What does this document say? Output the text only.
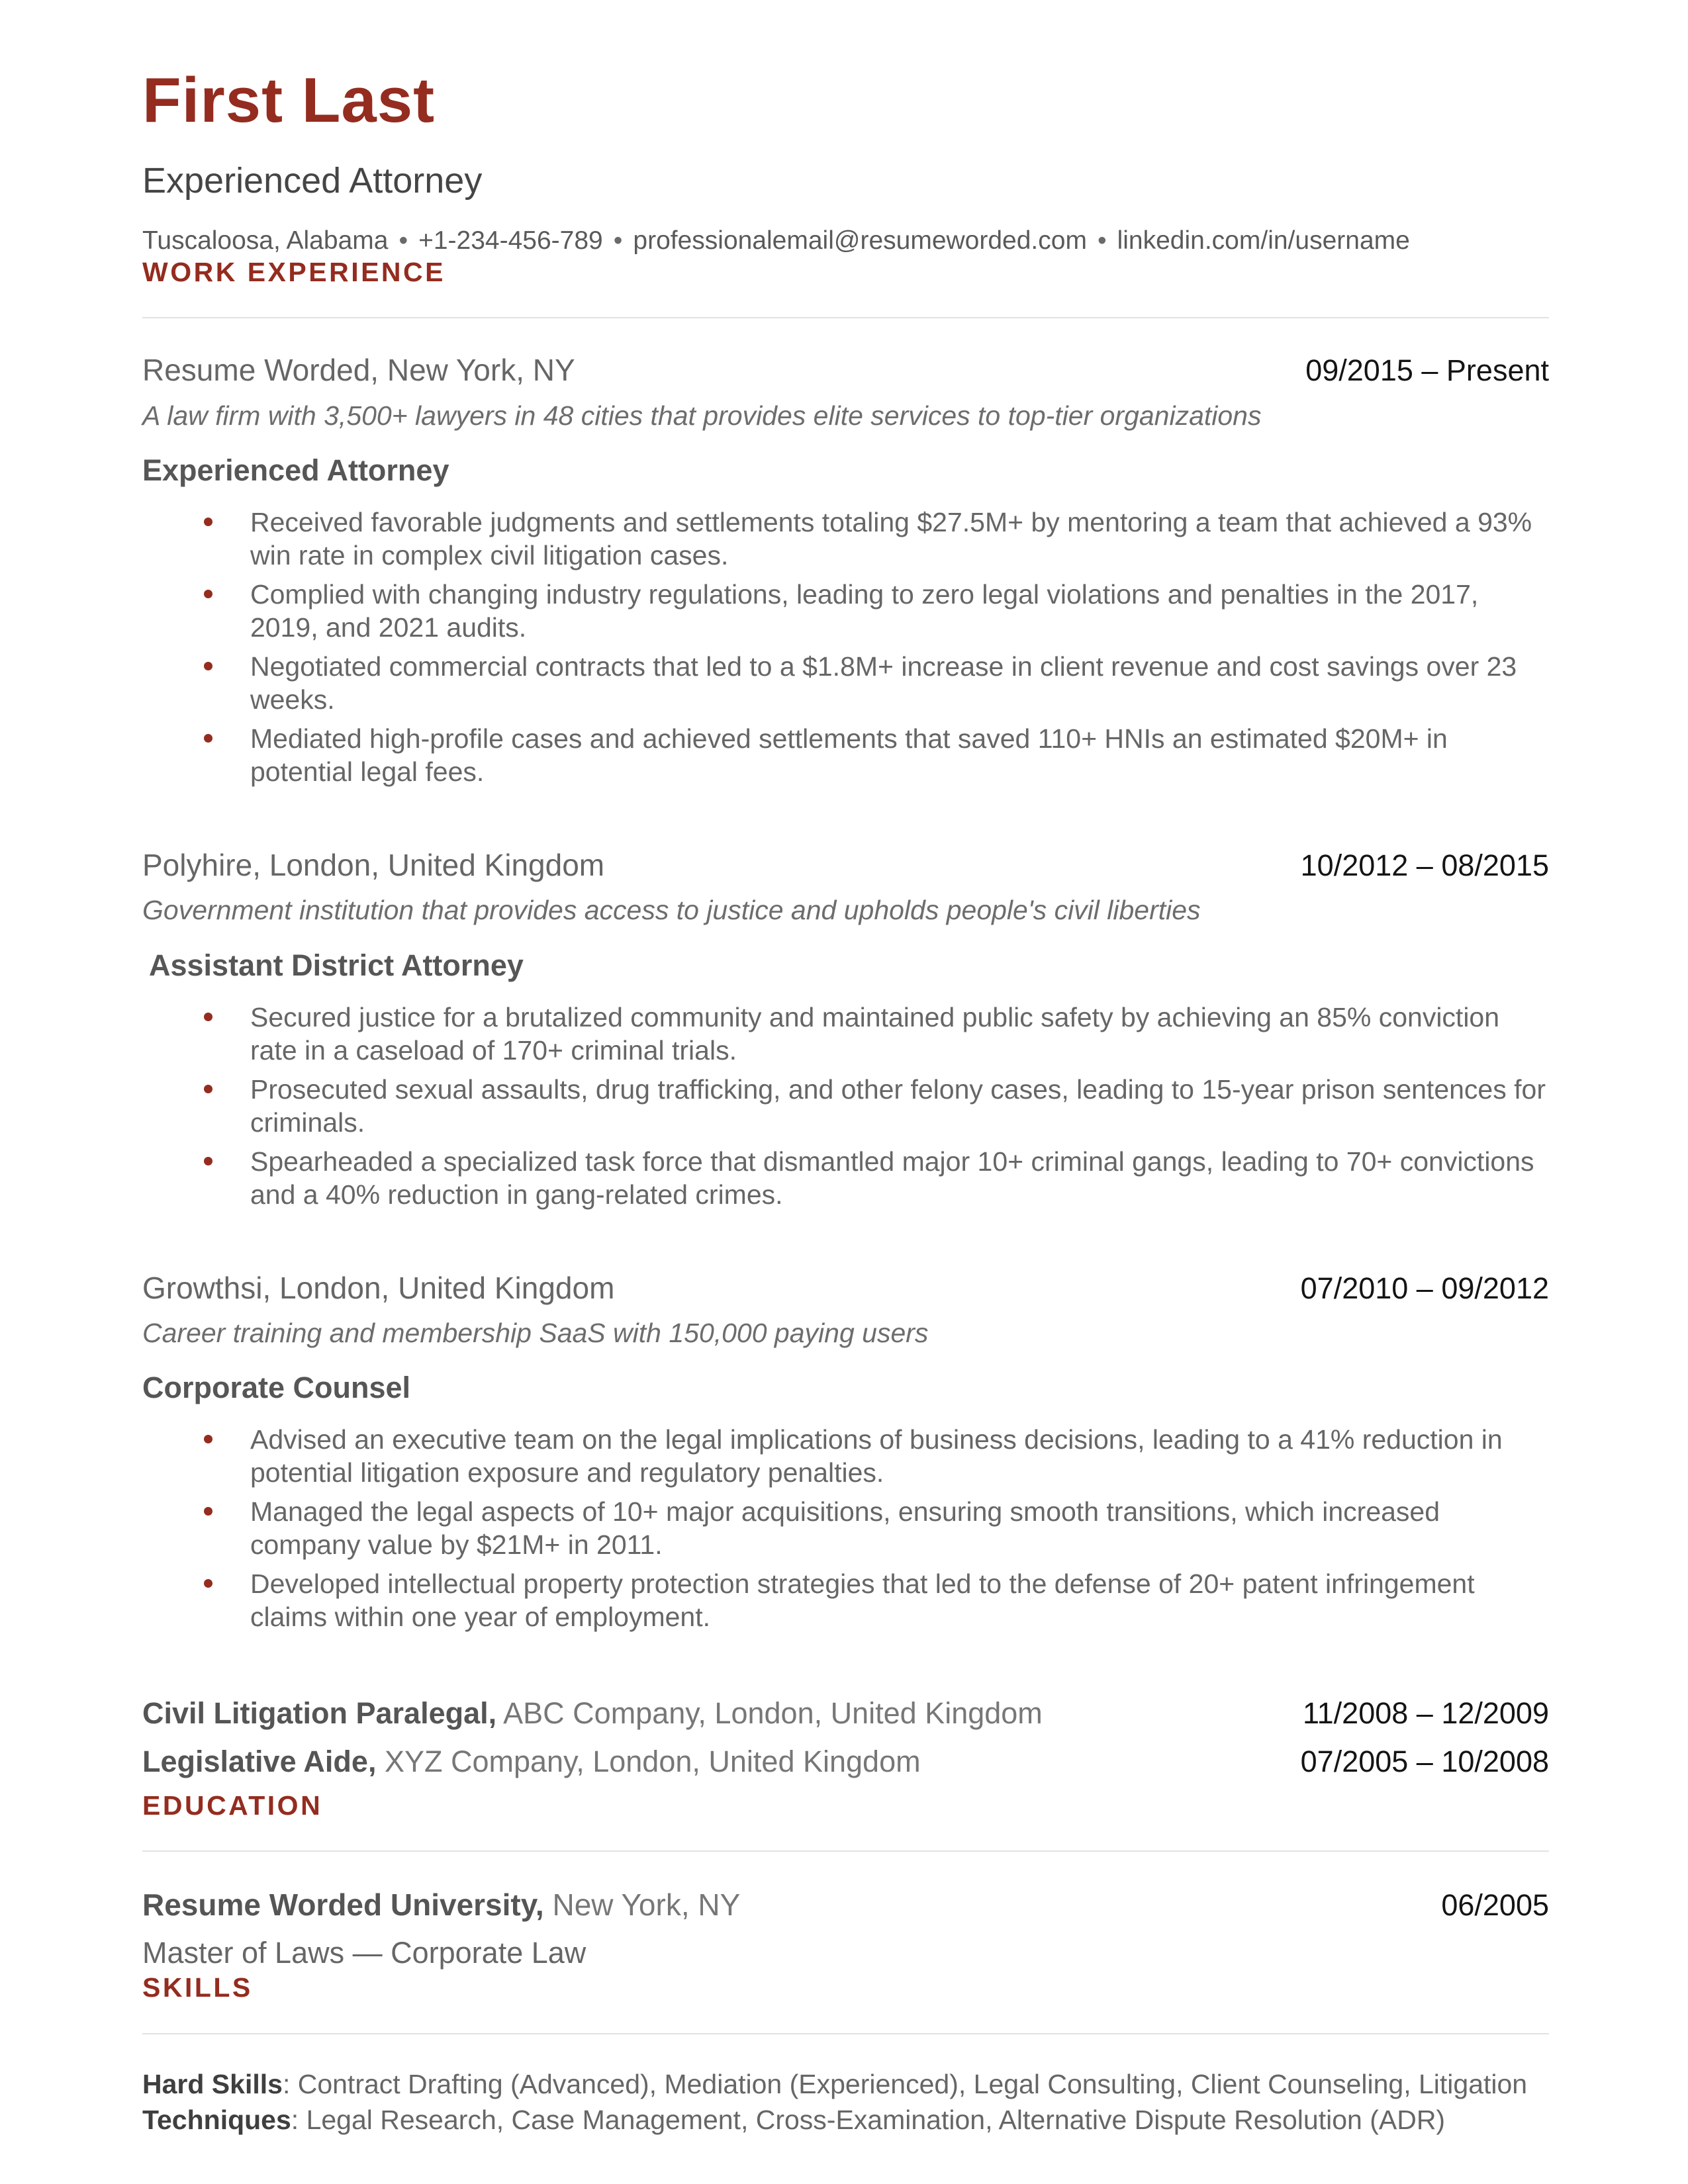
First Last
Experienced Attorney
Tuscaloosa, Alabama • +1-234-456-789 • professionalemail@resumeworded.com • linkedin.com/in/username
WORK EXPERIENCE
Resume Worded, New York, NY	09/2015 – Present
A law firm with 3,500+ lawyers in 48 cities that provides elite services to top-tier organizations
Experienced Attorney
Received favorable judgments and settlements totaling $27.5M+ by mentoring a team that achieved a 93% win rate in complex civil litigation cases.
Complied with changing industry regulations, leading to zero legal violations and penalties in the 2017, 2019, and 2021 audits.
Negotiated commercial contracts that led to a $1.8M+ increase in client revenue and cost savings over 23 weeks.
Mediated high-profile cases and achieved settlements that saved 110+ HNIs an estimated $20M+ in potential legal fees.
Polyhire, London, United Kingdom	10/2012 – 08/2015
Government institution that provides access to justice and upholds people's civil liberties
Assistant District Attorney
Secured justice for a brutalized community and maintained public safety by achieving an 85% conviction rate in a caseload of 170+ criminal trials.
Prosecuted sexual assaults, drug trafficking, and other felony cases, leading to 15-year prison sentences for criminals.
Spearheaded a specialized task force that dismantled major 10+ criminal gangs, leading to 70+ convictions and a 40% reduction in gang-related crimes.
Growthsi, London, United Kingdom	07/2010 – 09/2012
Career training and membership SaaS with 150,000 paying users
Corporate Counsel
Advised an executive team on the legal implications of business decisions, leading to a 41% reduction in potential litigation exposure and regulatory penalties.
Managed the legal aspects of 10+ major acquisitions, ensuring smooth transitions, which increased company value by $21M+ in 2011.
Developed intellectual property protection strategies that led to the defense of 20+ patent infringement claims within one year of employment.
Civil Litigation Paralegal, ABC Company, London, United Kingdom	11/2008 – 12/2009
Legislative Aide, XYZ Company, London, United Kingdom	07/2005 – 10/2008
EDUCATION
Resume Worded University, New York, NY	06/2005
Master of Laws — Corporate Law
SKILLS

Hard Skills: Contract Drafting (Advanced), Mediation (Experienced), Legal Consulting, Client Counseling, Litigation

Techniques: Legal Research, Case Management, Cross-Examination, Alternative Dispute Resolution (ADR)
